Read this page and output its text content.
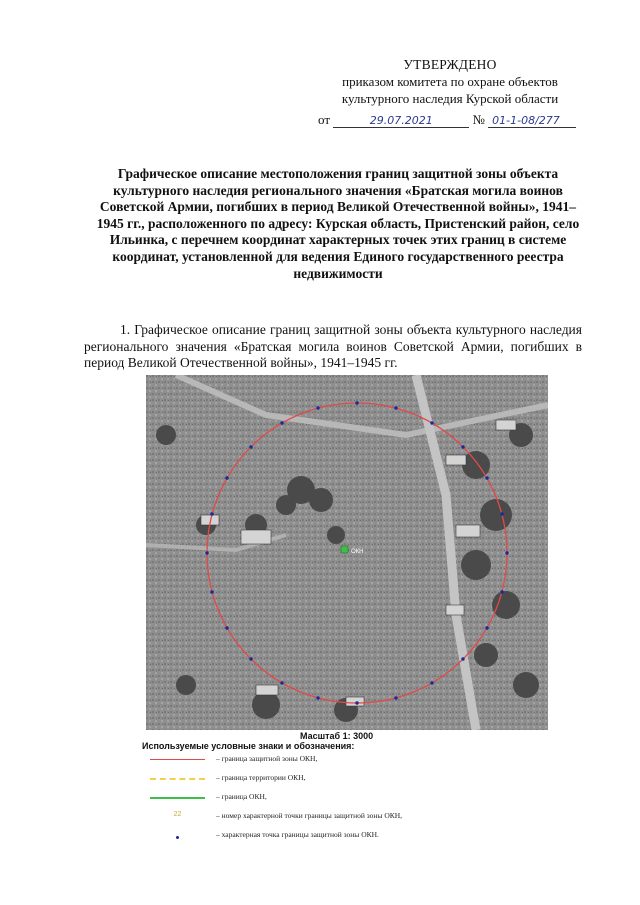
УТВЕРЖДЕНО
приказом комитета по охране объектов
культурного наследия Курской области
от	29.07.2021	№ 01-1-08/277
Графическое описание местоположения границ защитной зоны объекта культурного наследия регионального значения «Братская могила воинов Советской Армии, погибших в период Великой Отечественной войны», 1941–1945 гг., расположенного по адресу: Курская область, Пристенский район, село Ильинка, с перечнем координат характерных точек этих границ в системе координат, установленной для ведения Единого государственного реестра недвижимости
1. Графическое описание границ защитной зоны объекта культурного наследия регионального значения «Братская могила воинов Советской Армии, погибших в период Великой Отечественной войны», 1941–1945 гг.
ОКН
Масштаб 1: 3000
Используемые условные знаки и обозначения:
– граница защитной зоны ОКН,
– граница территории ОКН,
– граница ОКН,
22	– номер характерной точки границы защитной зоны ОКН,
– характерная точка границы защитной зоны ОКН.
